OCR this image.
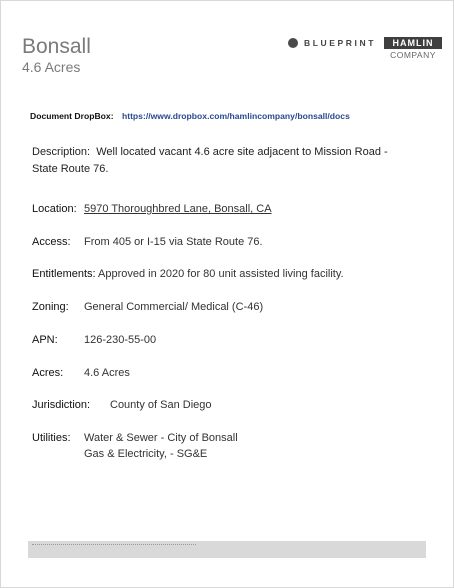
Bonsall
4.6 Acres
BLUEPRINT	HAMLIN
COMPANY
Document DropBox: https://www.dropbox.com/hamlincompany/bonsall/docs
Description: Well located vacant 4.6 acre site adjacent to Mission Road - State Route 76.
Location: 5970 Thoroughbred Lane, Bonsall, CA
Access: From 405 or I-15 via State Route 76.
Entitlements: Approved in 2020 for 80 unit assisted living facility.
Zoning: General Commercial/ Medical (C-46)
APN: 126-230-55-00
Acres: 4.6 Acres
Jurisdiction: County of San Diego
Utilities: Water & Sewer - City of Bonsall
Gas & Electricity, - SG&E
